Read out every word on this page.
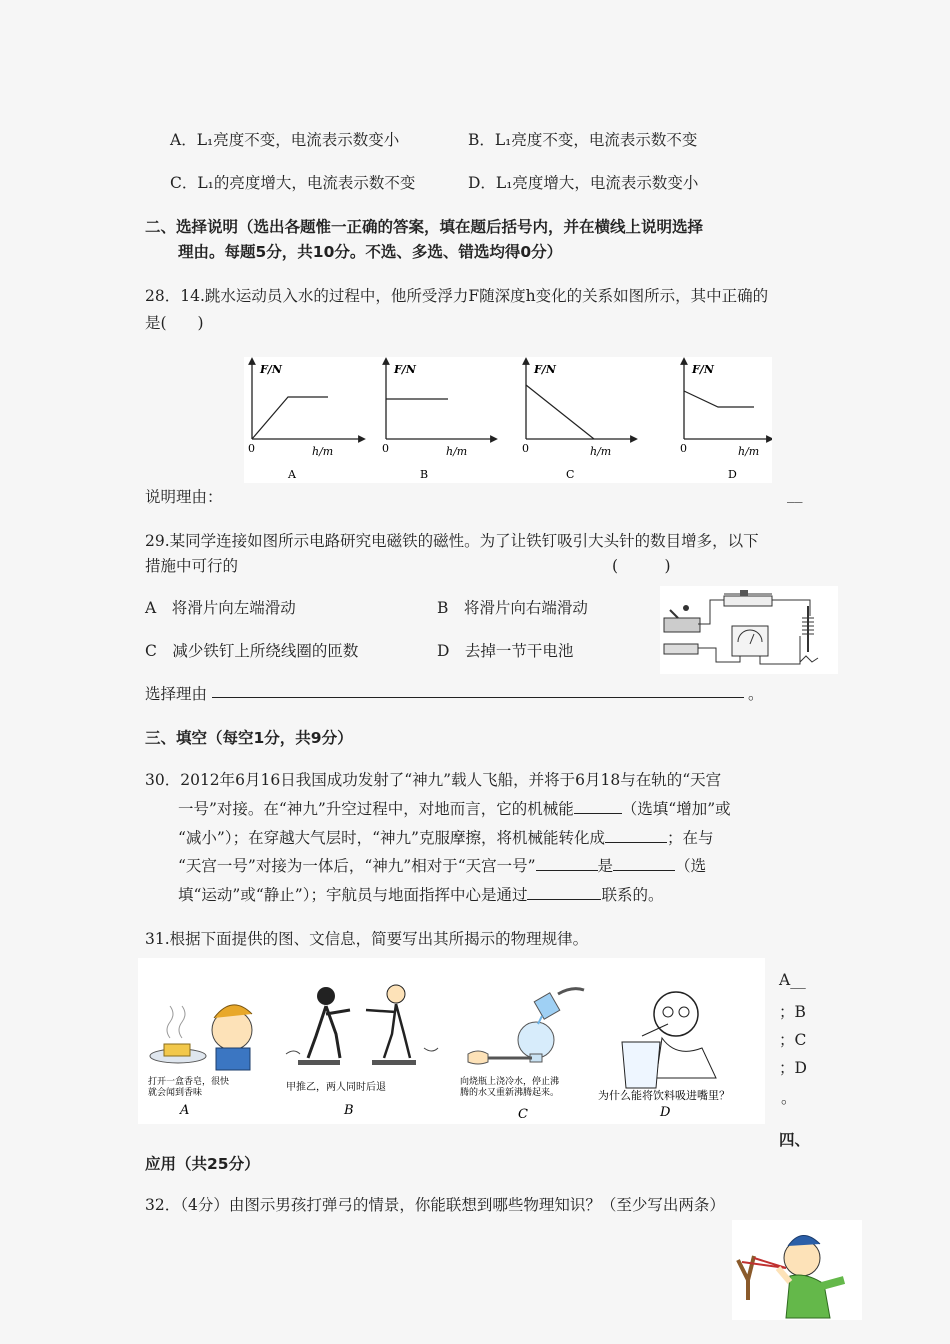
A．L₁亮度不变，电流表示数变小	B．L₁亮度不变，电流表示数不变
C．L₁的亮度增大，电流表示数不变	D．L₁亮度增大，电流表示数变小
二、选择说明（选出各题惟一正确的答案，填在题后括号内，并在横线上说明选择
理由。每题5分，共10分。不选、多选、错选均得0分）
28．14.跳水运动员入水的过程中，他所受浮力F随深度h变化的关系如图所示，其中正确的
是(　　)
F/N
0	h/m
A
F/N
0	h/m
B
F/N
0	h/m
C
F/N
0	h/m
D
说明理由：	__
29.某同学连接如图所示电路研究电磁铁的磁性。为了让铁钉吸引大头针的数目增多，以下
措施中可行的	(　　　)
A　将滑片向左端滑动	B　将滑片向右端滑动
C　减少铁钉上所绕线圈的匝数	D　去掉一节干电池
选择理由	。
三、填空（每空1分，共9分）
30．2012年6月16日我国成功发射了“神九”载人飞船，并将于6月18与在轨的“天宫
一号”对接。在“神九”升空过程中，对地而言，它的机械能	（选填“增加”或
“减小”）；在穿越大气层时，“神九”克服摩擦，将机械能转化成	；在与
“天宫一号”对接为一体后，“神九”相对于“天宫一号”	是	（选
填“运动”或“静止”）；宇航员与地面指挥中心是通过	联系的。
31.根据下面提供的图、文信息，简要写出其所揭示的物理规律。
打开一盒香皂，很快
就会闻到香味
A
甲推乙，两人同时后退
B
向烧瓶上浇冷水，停止沸
腾的水又重新沸腾起来。
C
为什么能将饮料吸进嘴里？
D
A__
；B
；C
；D
。
四、
应用（共25分）
32．（4分）由图示男孩打弹弓的情景，你能联想到哪些物理知识？（至少写出两条）
